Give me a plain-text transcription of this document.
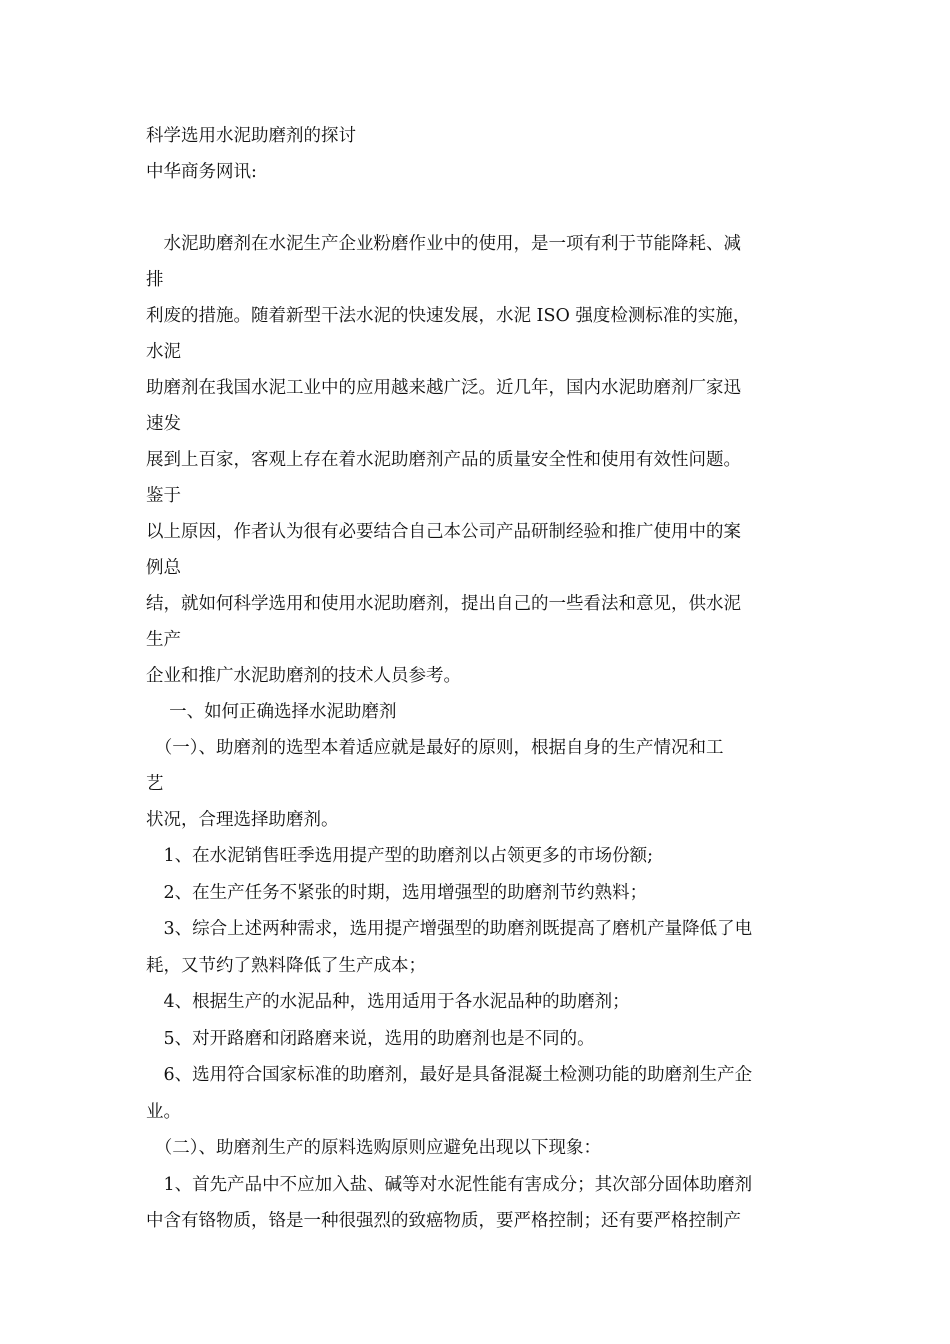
科学选用水泥助磨剂的探讨
中华商务网讯:
　水泥助磨剂在水泥生产企业粉磨作业中的使用，是一项有利于节能降耗、减
排
利废的措施。随着新型干法水泥的快速发展，水泥 ISO 强度检测标准的实施，
水泥
助磨剂在我国水泥工业中的应用越来越广泛。近几年，国内水泥助磨剂厂家迅
速发
展到上百家，客观上存在着水泥助磨剂产品的质量安全性和使用有效性问题。
鉴于
以上原因，作者认为很有必要结合自己本公司产品研制经验和推广使用中的案
例总
结，就如何科学选用和使用水泥助磨剂，提出自己的一些看法和意见，供水泥
生产
企业和推广水泥助磨剂的技术人员参考。
　 一、如何正确选择水泥助磨剂
　（一）、助磨剂的选型本着适应就是最好的原则，根据自身的生产情况和工
艺
状况，合理选择助磨剂。
　1、在水泥销售旺季选用提产型的助磨剂以占领更多的市场份额;
　2、在生产任务不紧张的时期，选用增强型的助磨剂节约熟料；
　3、综合上述两种需求，选用提产增强型的助磨剂既提高了磨机产量降低了电
耗，又节约了熟料降低了生产成本；
　4、根据生产的水泥品种，选用适用于各水泥品种的助磨剂；
　5、对开路磨和闭路磨来说，选用的助磨剂也是不同的。
　6、选用符合国家标准的助磨剂，最好是具备混凝土检测功能的助磨剂生产企
业。
　（二）、助磨剂生产的原料选购原则应避免出现以下现象：
　1、首先产品中不应加入盐、碱等对水泥性能有害成分；其次部分固体助磨剂
中含有铬物质，铬是一种很强烈的致癌物质，要严格控制；还有要严格控制产
